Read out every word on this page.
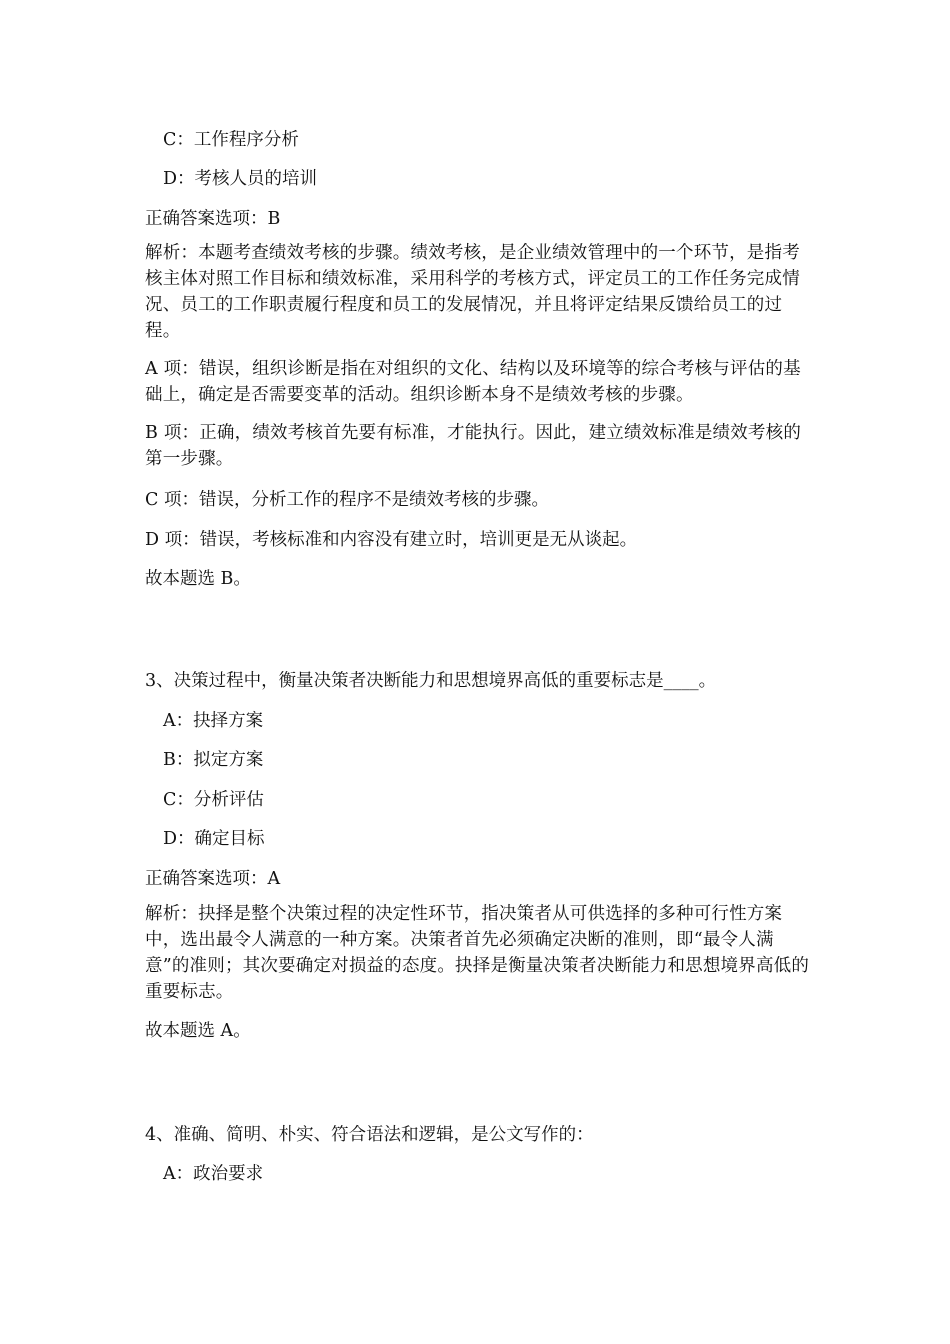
C：工作程序分析

D：考核人员的培训

正确答案选项：B

解析：本题考查绩效考核的步骤。绩效考核，是企业绩效管理中的一个环节，是指考核主体对照工作目标和绩效标准，采用科学的考核方式，评定员工的工作任务完成情况、员工的工作职责履行程度和员工的发展情况，并且将评定结果反馈给员工的过程。

A 项：错误，组织诊断是指在对组织的文化、结构以及环境等的综合考核与评估的基础上，确定是否需要变革的活动。组织诊断本身不是绩效考核的步骤。

B 项：正确，绩效考核首先要有标准，才能执行。因此，建立绩效标准是绩效考核的第一步骤。

C 项：错误，分析工作的程序不是绩效考核的步骤。

D 项：错误，考核标准和内容没有建立时，培训更是无从谈起。

故本题选 B。

3、决策过程中，衡量决策者决断能力和思想境界高低的重要标志是____。

A：抉择方案

B：拟定方案

C：分析评估

D：确定目标

正确答案选项：A

解析：抉择是整个决策过程的决定性环节，指决策者从可供选择的多种可行性方案中，选出最令人满意的一种方案。决策者首先必须确定决断的准则，即“最令人满意”的准则；其次要确定对损益的态度。抉择是衡量决策者决断能力和思想境界高低的重要标志。

故本题选 A。

4、准确、简明、朴实、符合语法和逻辑，是公文写作的：

A：政治要求
